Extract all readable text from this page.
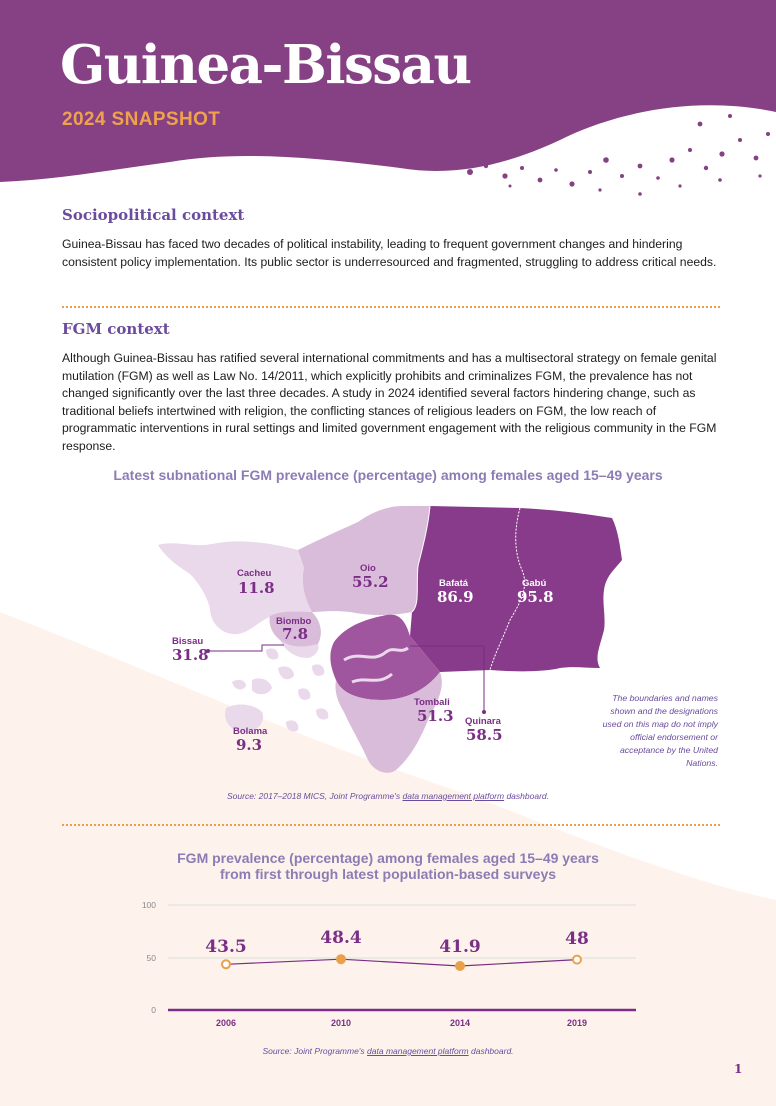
Guinea-Bissau
2024 SNAPSHOT
Sociopolitical context

Guinea-Bissau has faced two decades of political instability, leading to frequent government changes and hindering consistent policy implementation. Its public sector is underresourced and fragmented, struggling to address critical needs.

FGM context

Although Guinea-Bissau has ratified several international commitments and has a multisectoral strategy on female genital mutilation (FGM) as well as Law No. 14/2011, which explicitly prohibits and criminalizes FGM, the prevalence has not changed significantly over the last three decades. A study in 2024 identified several factors hindering change, such as traditional beliefs intertwined with religion, the conflicting stances of religious leaders on FGM, the low reach of programmatic interventions in rural settings and limited government engagement with the religious community in the FGM response.

Latest subnational FGM prevalence (percentage) among females aged 15–49 years
Cacheu
11.8
Oio
55.2	Bafatá
86.9
Gabú
95.8
Biombo
7.8
Bissau
31.8
Tombali
51.3 Quinara
58.5
Bolama
9.3
The boundaries and names shown and the designations used on this map do not imply official endorsement or acceptance by the United Nations.
Source: 2017–2018 MICS, Joint Programme's data management platform dashboard.
FGM prevalence (percentage) among females aged 15–49 years
from first through latest population-based surveys
100
50
0
2006	2010	2014	2019
43.5	48.4	41.9	48
Source: Joint Programme's data management platform dashboard.
1
